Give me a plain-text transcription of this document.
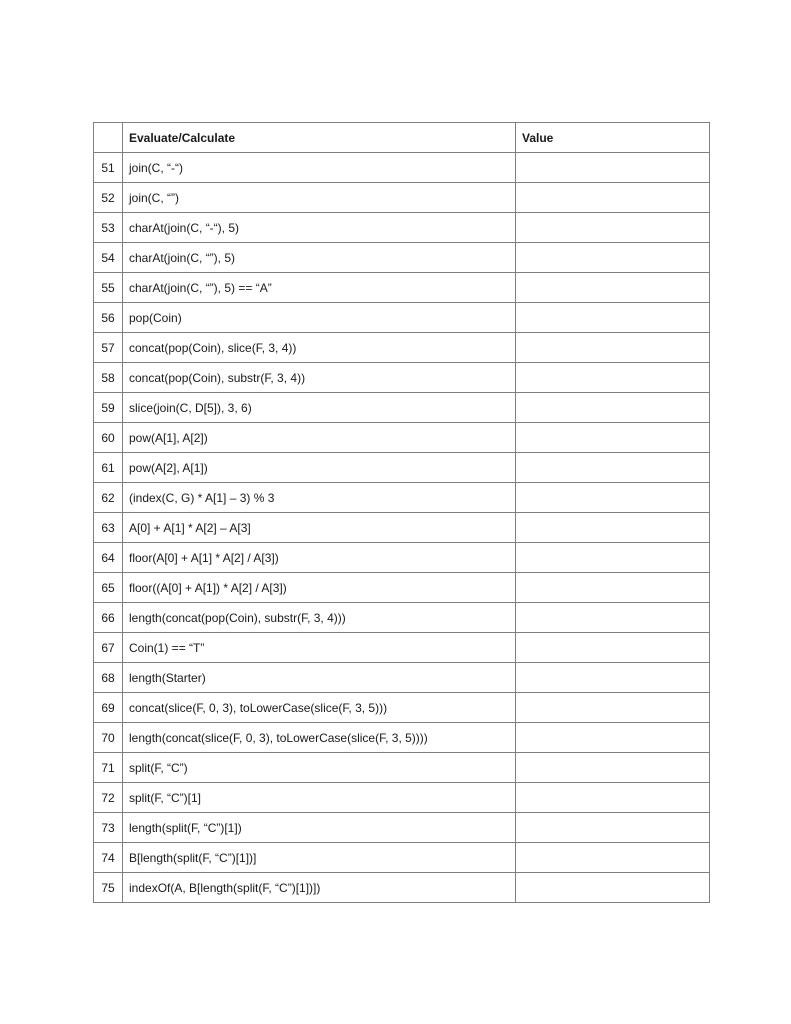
	Evaluate/Calculate	Value
51	join(C, “-“)	
52	join(C, “”)	
53	charAt(join(C, “-“), 5)	
54	charAt(join(C, “”), 5)	
55	charAt(join(C, “”), 5) == “A”	
56	pop(Coin)	
57	concat(pop(Coin), slice(F, 3, 4))	
58	concat(pop(Coin), substr(F, 3, 4))	
59	slice(join(C, D[5]), 3, 6)	
60	pow(A[1], A[2])	
61	pow(A[2], A[1])	
62	(index(C, G) * A[1] – 3) % 3	
63	A[0] + A[1] * A[2] – A[3]	
64	floor(A[0] + A[1] * A[2] / A[3])	
65	floor((A[0] + A[1]) * A[2] / A[3])	
66	length(concat(pop(Coin), substr(F, 3, 4)))	
67	Coin(1) == “T”	
68	length(Starter)	
69	concat(slice(F, 0, 3), toLowerCase(slice(F, 3, 5)))	
70	length(concat(slice(F, 0, 3), toLowerCase(slice(F, 3, 5))))	
71	split(F, “C”)	
72	split(F, “C”)[1]	
73	length(split(F, “C”)[1])	
74	B[length(split(F, “C”)[1])]	
75	indexOf(A, B[length(split(F, “C”)[1])])	
